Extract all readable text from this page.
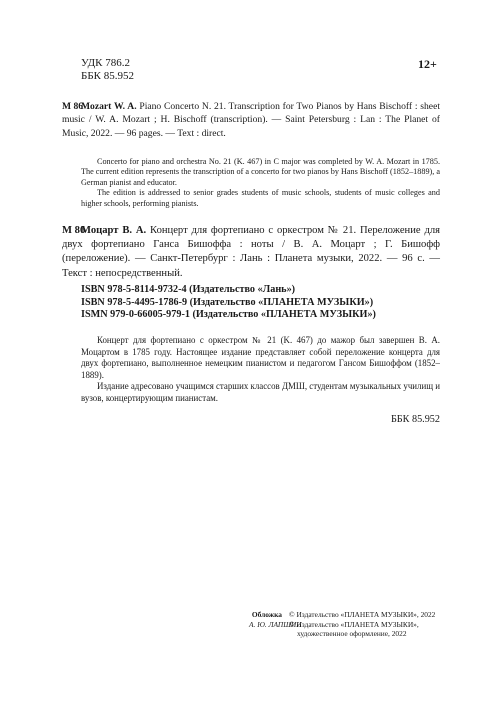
УДК 786.2
ББК 85.952
12+
М 86
Mozart W. A. Piano Concerto N. 21. Transcription for Two Pianos by Hans Bischoff : sheet music / W. A. Mozart ; H. Bischoff (transcription). — Saint Petersburg : Lan : The Planet of Music, 2022. — 96 pages. — Text : direct.

Concerto for piano and orchestra No. 21 (K. 467) in C major was completed by W. A. Mozart in 1785. The current edition represents the transcription of a concerto for two pianos by Hans Bischoff (1852–1889), a German pianist and educator.

The edition is addressed to senior grades students of music schools, students of music colleges and higher schools, performing pianists.

М 86
Моцарт В. А. Концерт для фортепиано с оркестром № 21. Переложение для двух фортепиано Ганса Бишоффа : ноты / В. А. Моцарт ; Г. Бишофф (переложение). — Санкт-Петербург : Лань : Планета музыки, 2022. — 96 с. — Текст : непосредственный.
ISBN 978-5-8114-9732-4 (Издательство «Лань»)
ISBN 978-5-4495-1786-9 (Издательство «ПЛАНЕТА МУЗЫКИ»)
ISMN 979-0-66005-979-1 (Издательство «ПЛАНЕТА МУЗЫКИ»)

Концерт для фортепиано с оркестром № 21 (K. 467) до мажор был завершен В. А. Моцартом в 1785 году. Настоящее издание представляет собой переложение концерта для двух фортепиано, выполненное немецким пианистом и педагогом Гансом Бишоффом (1852–1889).

Издание адресовано учащимся старших классов ДМШ, студентам музыкальных училищ и вузов, концертирующим пианистам.

ББК 85.952
Обложка
А. Ю. ЛАПШИН
© Издательство «ПЛАНЕТА МУЗЫКИ», 2022
© Издательство «ПЛАНЕТА МУЗЫКИ»,
художественное оформление, 2022
